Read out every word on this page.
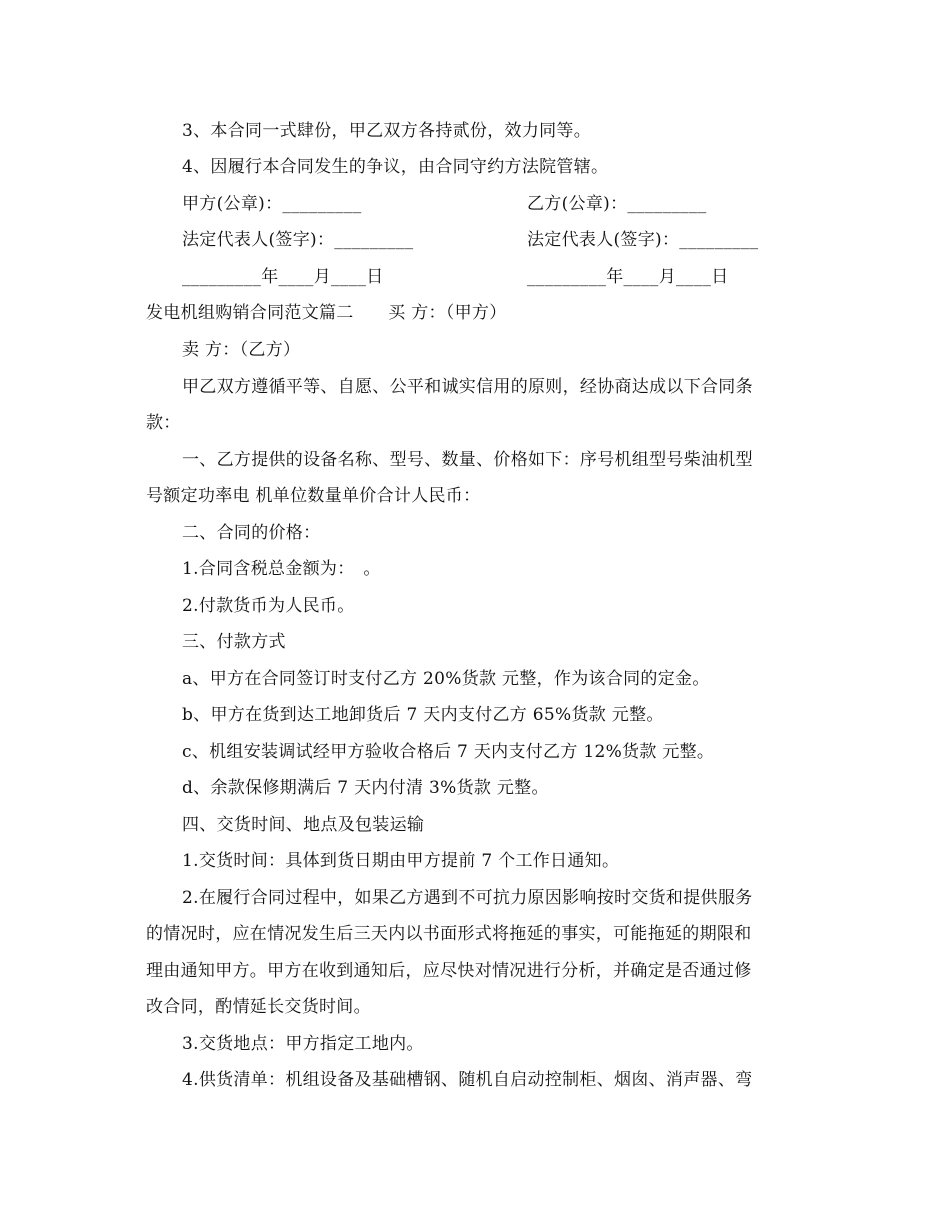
3、本合同一式肆份，甲乙双方各持贰份，效力同等。
4、因履行本合同发生的争议，由合同守约方法院管辖。
甲方(公章)：_________	乙方(公章)：_________
法定代表人(签字)：_________	法定代表人(签字)：_________
_________年____月____日	_________年____月____日
发电机组购销合同范文篇二　　买 方：（甲方）
卖 方：（乙方）
甲乙双方遵循平等、自愿、公平和诚实信用的原则，经协商达成以下合同条
款：
一、乙方提供的设备名称、型号、数量、价格如下：序号机组型号柴油机型
号额定功率电 机单位数量单价合计人民币：
二、合同的价格：
1.合同含税总金额为：　。
2.付款货币为人民币。
三、付款方式
a、甲方在合同签订时支付乙方 20%货款 元整，作为该合同的定金。
b、甲方在货到达工地卸货后 7 天内支付乙方 65%货款 元整。
c、机组安装调试经甲方验收合格后 7 天内支付乙方 12%货款 元整。
d、余款保修期满后 7 天内付清 3%货款 元整。
四、交货时间、地点及包装运输
1.交货时间：具体到货日期由甲方提前 7 个工作日通知。
2.在履行合同过程中，如果乙方遇到不可抗力原因影响按时交货和提供服务
的情况时，应在情况发生后三天内以书面形式将拖延的事实，可能拖延的期限和
理由通知甲方。甲方在收到通知后，应尽快对情况进行分析，并确定是否通过修
改合同，酌情延长交货时间。
3.交货地点：甲方指定工地内。
4.供货清单：机组设备及基础槽钢、随机自启动控制柜、烟囱、消声器、弯
